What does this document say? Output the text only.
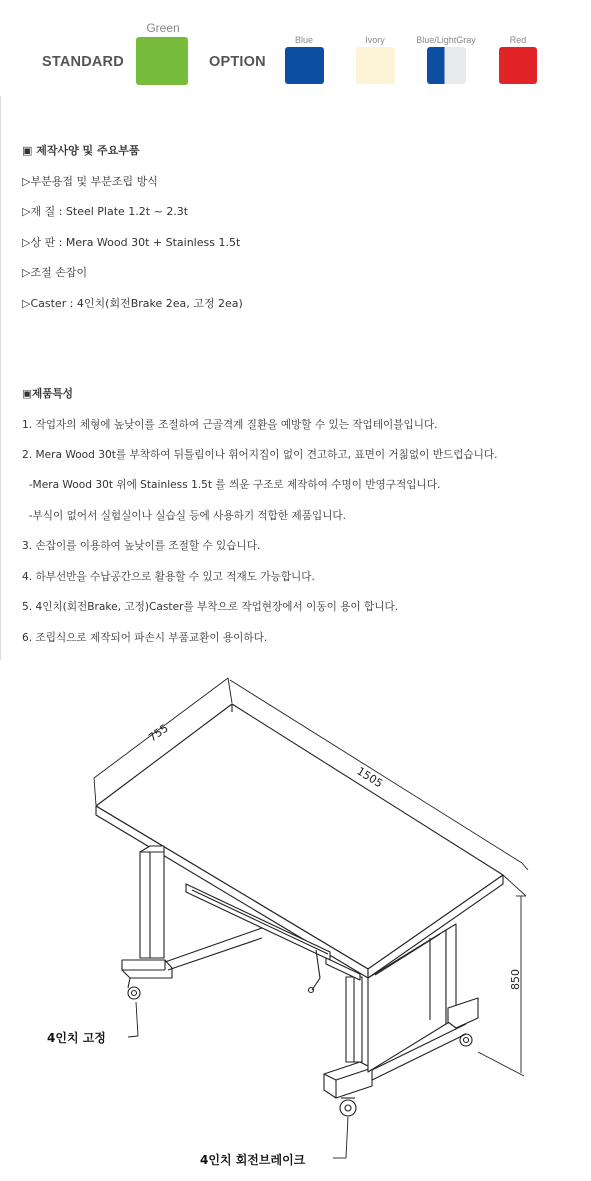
STANDARD
Green
OPTION
Blue	Ivory	Blue/LightGray	Red
▣ 제작사양 및 주요부품
▷부분용접 및 부분조립 방식
▷재 질 : Steel Plate 1.2t ~ 2.3t
▷상 판 : Mera Wood 30t + Stainless 1.5t
▷조절 손잡이
▷Caster : 4인치(회전Brake 2ea, 고정 2ea)
▣제품특성
1. 작업자의 체형에 높낮이를 조절하여 근골격계 질환을 예방할 수 있는 작업테이블입니다.
2. Mera Wood 30t를 부착하여 뒤틀림이나 휘어지집이 없이 견고하고, 표면이 거칢없이 반드럽습니다.
-Mera Wood 30t 위에 Stainless 1.5t 를 씌운 구조로 제작하여 수명이 반영구적입니다.
-부식이 없어서 실험실이나 실습실 등에 사용하기 적합한 제품입니다.
3. 손잡이를 이용하여 높낮이를 조절할 수 있습니다.
4. 하부선반을 수납공간으로 활용할 수 있고 적재도 가능합니다.
5. 4인치(회전Brake, 고정)Caster를 부착으로 작업현장에서 이동이 용이 합니다.
6. 조립식으로 제작되어 파손시 부품교환이 용이하다.
755
1505
850
4인치 고정
4인치 회전브레이크
